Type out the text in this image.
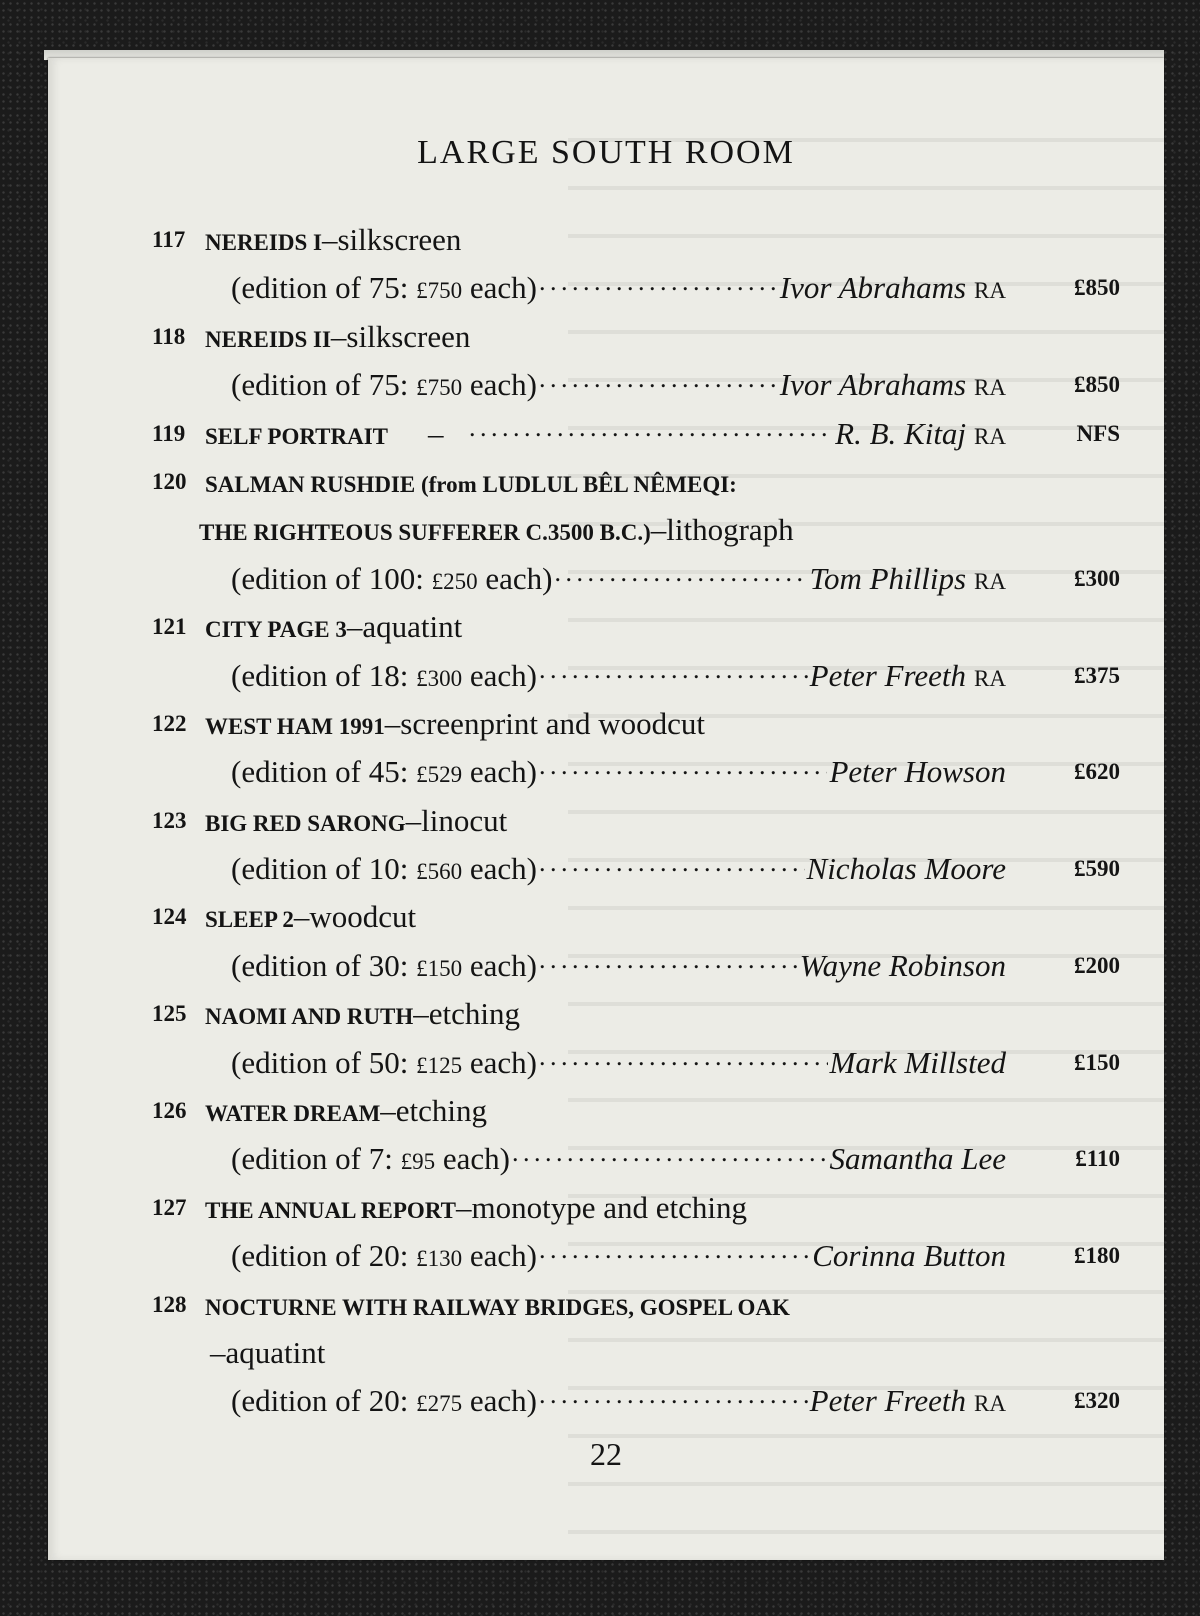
LARGE SOUTH ROOM
117 NEREIDS I–silkscreen
(edition of 75: £750 each) . . .	Ivor Abrahams RA	£850
118 NEREIDS II–silkscreen
(edition of 75: £750 each) . . .	Ivor Abrahams RA	£850
119 SELF PORTRAIT – . . .	R. B. Kitaj RA	NFS
120 SALMAN RUSHDIE (from LUDLUL BÊL NÊMEQI:
THE RIGHTEOUS SUFFERER C.3500 B.C.)–lithograph
(edition of 100: £250 each) . . .	Tom Phillips RA	£300
121 CITY PAGE 3–aquatint
(edition of 18: £300 each) . . .	Peter Freeth RA	£375
122 WEST HAM 1991–screenprint and woodcut
(edition of 45: £529 each) . . .	Peter Howson	£620
123 BIG RED SARONG–linocut
(edition of 10: £560 each) . . .	Nicholas Moore	£590
124 SLEEP 2–woodcut
(edition of 30: £150 each) . . .	Wayne Robinson	£200
125 NAOMI AND RUTH–etching
(edition of 50: £125 each) . . .	Mark Millsted	£150
126 WATER DREAM–etching
(edition of 7: £95 each) . . .	Samantha Lee	£110
127 THE ANNUAL REPORT–monotype and etching
(edition of 20: £130 each) . . .	Corinna Button	£180
128 NOCTURNE WITH RAILWAY BRIDGES, GOSPEL OAK
–aquatint
(edition of 20: £275 each) . . .	Peter Freeth RA	£320
22
